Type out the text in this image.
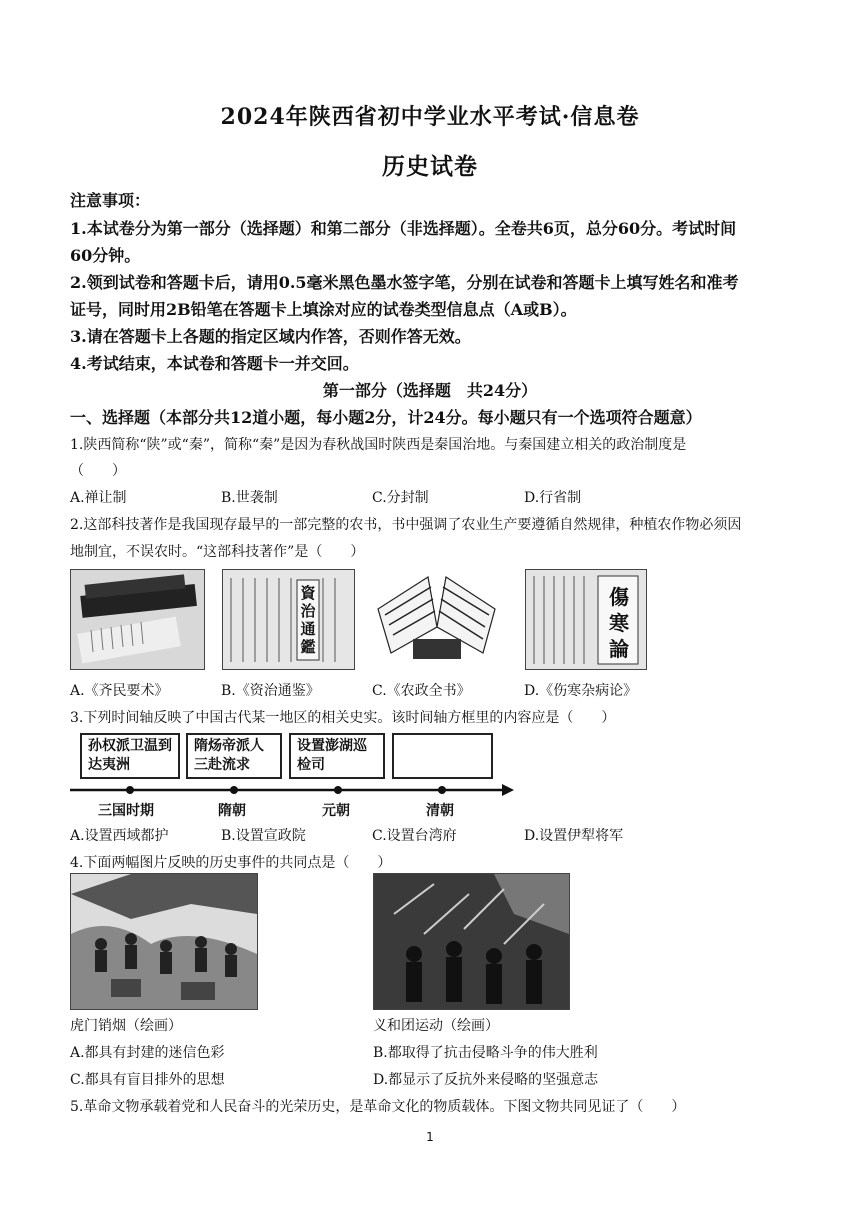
2024年陕西省初中学业水平考试·信息卷
历史试卷
注意事项：
1.本试卷分为第一部分（选择题）和第二部分（非选择题）。全卷共6页，总分60分。考试时间
60分钟。
2.领到试卷和答题卡后，请用0.5毫米黑色墨水签字笔，分别在试卷和答题卡上填写姓名和准考
证号，同时用2B铅笔在答题卡上填涂对应的试卷类型信息点（A或B）。
3.请在答题卡上各题的指定区域内作答，否则作答无效。
4.考试结束，本试卷和答题卡一并交回。
第一部分（选择题　共24分）
一、选择题（本部分共12道小题，每小题2分，计24分。每小题只有一个选项符合题意）
1.陕西简称“陕”或“秦”，简称“秦”是因为春秋战国时陕西是秦国治地。与秦国建立相关的政治制度是
（　　）
A.禅让制	B.世袭制	C.分封制	D.行省制
2.这部科技著作是我国现存最早的一部完整的农书，书中强调了农业生产要遵循自然规律，种植农作物必须因
地制宜，不误农时。“这部科技著作”是（　　）
資治通鑑
傷寒論
A.《齐民要术》	B.《资治通鉴》	C.《农政全书》	D.《伤寒杂病论》
3.下列时间轴反映了中国古代某一地区的相关史实。该时间轴方框里的内容应是（　　）
孙权派卫温到达夷洲
隋炀帝派人三赴流求
设置澎湖巡检司
三国时期	隋朝	元朝	清朝
A.设置西域都护	B.设置宣政院	C.设置台湾府	D.设置伊犁将军
4.下面两幅图片反映的历史事件的共同点是（　　）
虎门销烟（绘画）	义和团运动（绘画）
A.都具有封建的迷信色彩	B.都取得了抗击侵略斗争的伟大胜利
C.都具有盲目排外的思想	D.都显示了反抗外来侵略的坚强意志
5.革命文物承载着党和人民奋斗的光荣历史，是革命文化的物质载体。下图文物共同见证了（　　）
1
